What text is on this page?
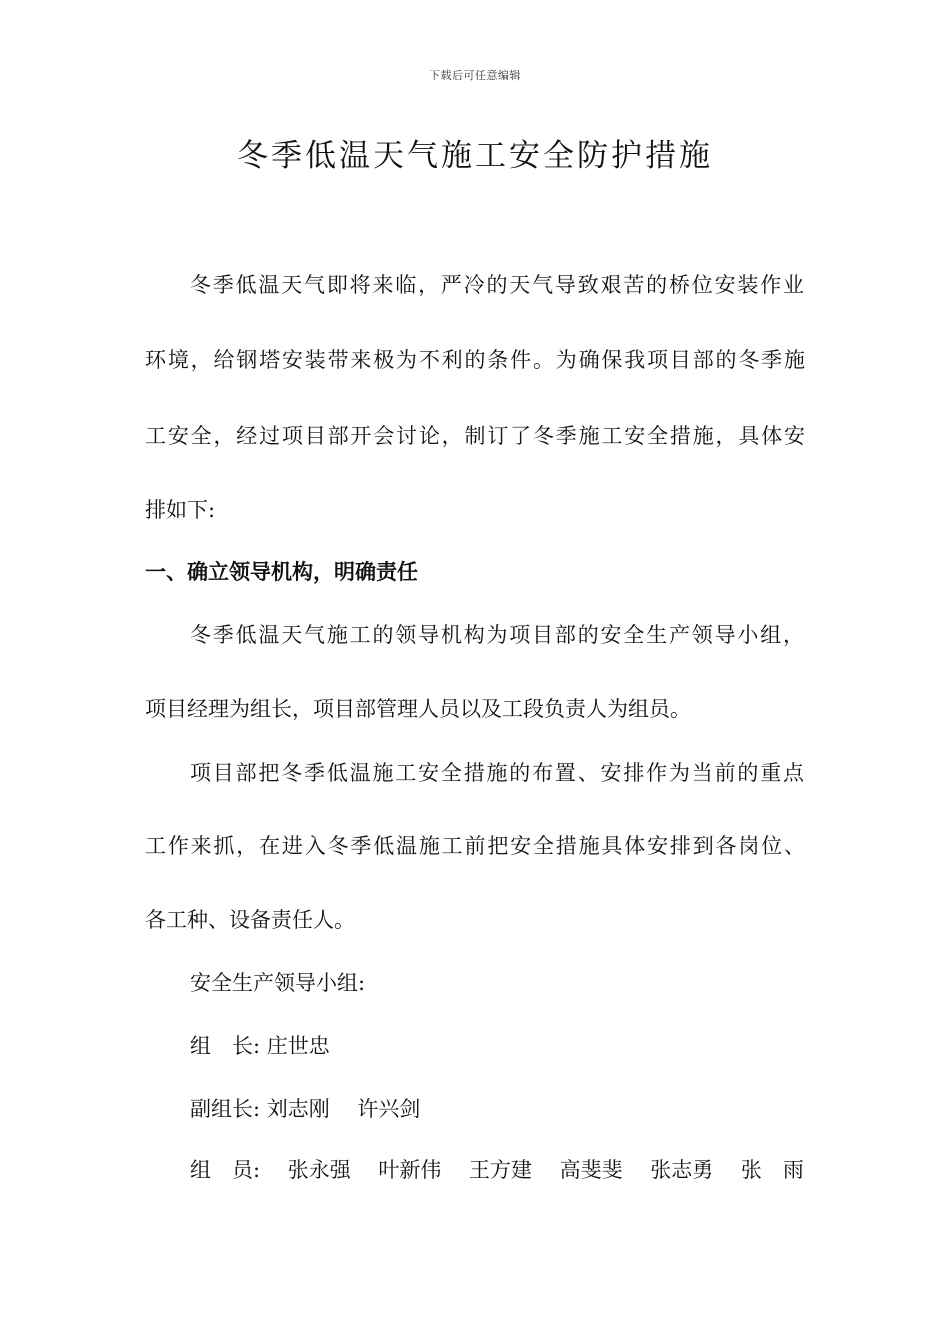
下载后可任意编辑
冬季低温天气施工安全防护措施
冬季低温天气即将来临，严冷的天气导致艰苦的桥位安装作业
环境，给钢塔安装带来极为不利的条件。为确保我项目部的冬季施
工安全，经过项目部开会讨论，制订了冬季施工安全措施，具体安
排如下:
一、确立领导机构，明确责任
冬季低温天气施工的领导机构为项目部的安全生产领导小组，
项目经理为组长，项目部管理人员以及工段负责人为组员。
项目部把冬季低温施工安全措施的布置、安排作为当前的重点
工作来抓，在进入冬季低温施工前把安全措施具体安排到各岗位、
各工种、设备责任人。
安全生产领导小组:
组　长: 庄世忠
副组长: 刘志刚　 许兴剑
组　员: 张永强 叶新伟 王方建 高斐斐 张志勇 张　雨
